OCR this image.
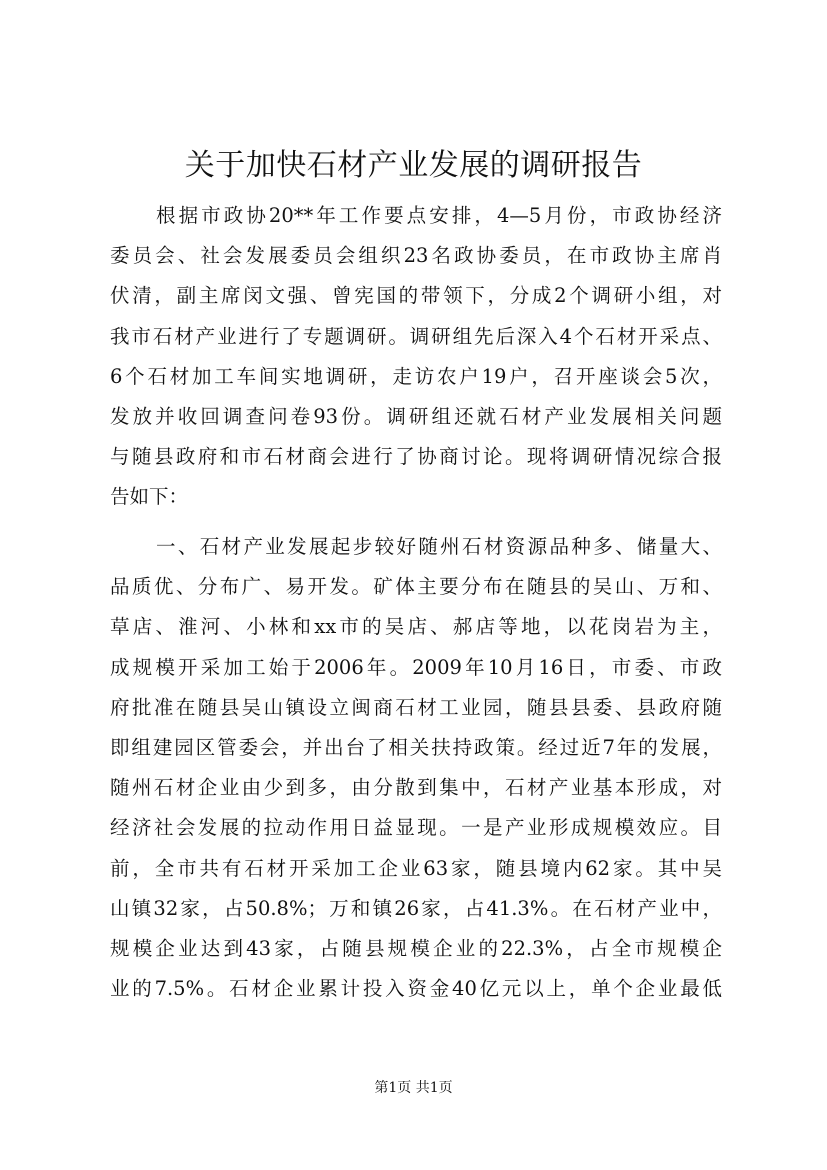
关于加快石材产业发展的调研报告
根据市政协20**年工作要点安排，4—5月份，市政协经济
委员会、社会发展委员会组织23名政协委员，在市政协主席肖
伏清，副主席闵文强、曾宪国的带领下，分成2个调研小组，对
我市石材产业进行了专题调研。调研组先后深入4个石材开采点、
6个石材加工车间实地调研，走访农户19户，召开座谈会5次，
发放并收回调查问卷93份。调研组还就石材产业发展相关问题
与随县政府和市石材商会进行了协商讨论。现将调研情况综合报
告如下：
一、石材产业发展起步较好随州石材资源品种多、储量大、
品质优、分布广、易开发。矿体主要分布在随县的吴山、万和、
草店、淮河、小林和xx市的吴店、郝店等地，以花岗岩为主，
成规模开采加工始于2006年。2009年10月16日，市委、市政
府批准在随县吴山镇设立闽商石材工业园，随县县委、县政府随
即组建园区管委会，并出台了相关扶持政策。经过近7年的发展，
随州石材企业由少到多，由分散到集中，石材产业基本形成，对
经济社会发展的拉动作用日益显现。一是产业形成规模效应。目
前，全市共有石材开采加工企业63家，随县境内62家。其中吴
山镇32家，占50.8%；万和镇26家，占41.3%。在石材产业中，
规模企业达到43家，占随县规模企业的22.3%，占全市规模企
业的7.5%。石材企业累计投入资金40亿元以上，单个企业最低
第1页 共1页
